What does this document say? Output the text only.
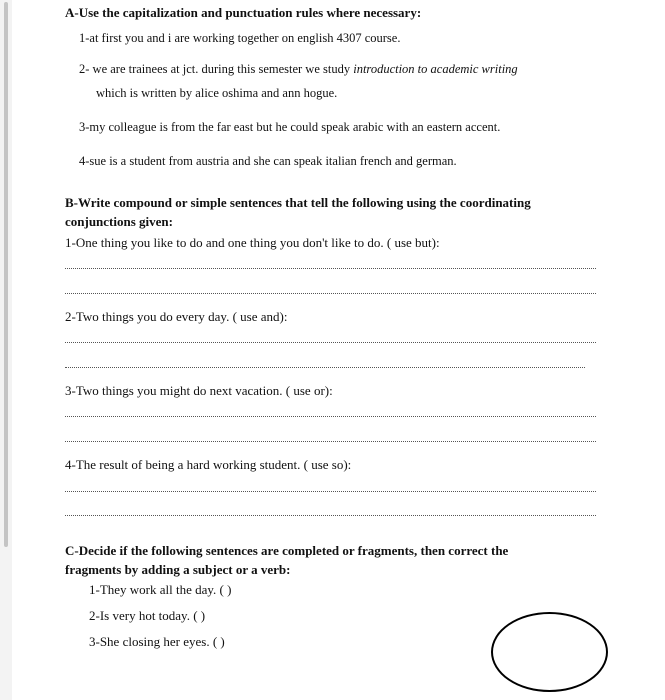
A-Use the capitalization and punctuation rules where necessary:

1-at first you and i are working together on english 4307 course.

2- we are trainees at jct. during this semester we study introduction to academic writing

which is written by alice oshima and ann hogue.

3-my colleague is from the far east but he could speak arabic with an eastern accent.

4-sue is a student from austria and she can speak italian french and german.

B-Write compound or simple sentences that tell the following using the coordinating

conjunctions given:

1-One thing you like to do and one thing you don't like to do. ( use but):

2-Two things you do every day. ( use and):

3-Two things you might do next vacation. ( use or):

4-The result of being a hard working student. ( use so):

C-Decide if the following sentences are completed or fragments, then correct the

fragments by adding a subject or a verb:

1-They work all the day. ( )

2-Is very hot today. ( )

3-She closing her eyes. ( )
